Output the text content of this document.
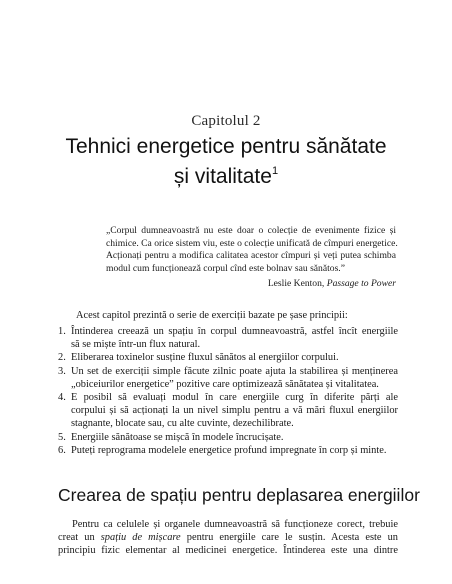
Capitolul 2
Tehnici energetice pentru sănătate
și vitalitate$^1$
„Corpul dumneavoastră nu este doar o colecție de evenimente fizice și
chimice. Ca orice sistem viu, este o colecție unificată de cîmpuri energetice.
Acționați pentru a modifica calitatea acestor cîmpuri și veți putea schimba
modul cum funcționează corpul cînd este bolnav sau sănătos.”
Leslie Kenton, Passage to Power
Acest capitol prezintă o serie de exerciții bazate pe șase principii:
1. Întinderea creează un spațiu în corpul dumneavoastră, astfel încît energiile
să se miște într-un flux natural.
2. Eliberarea toxinelor susține fluxul sănătos al energiilor corpului.
3. Un set de exerciții simple făcute zilnic poate ajuta la stabilirea și menținerea
„obiceiurilor energetice” pozitive care optimizează sănătatea și vitalitatea.
4. E posibil să evaluați modul în care energiile curg în diferite părți ale
corpului și să acționați la un nivel simplu pentru a vă mări fluxul energiilor
stagnante, blocate sau, cu alte cuvinte, dezechilibrate.
5. Energiile sănătoase se mișcă în modele încrucișate.
6. Puteți reprograma modelele energetice profund impregnate în corp și minte.
Crearea de spațiu pentru deplasarea energiilor
Pentru ca celulele și organele dumneavoastră să funcționeze corect, trebuie
creat un spațiu de mișcare pentru energiile care le susțin. Acesta este un
principiu fizic elementar al medicinei energetice. Întinderea este una dintre
